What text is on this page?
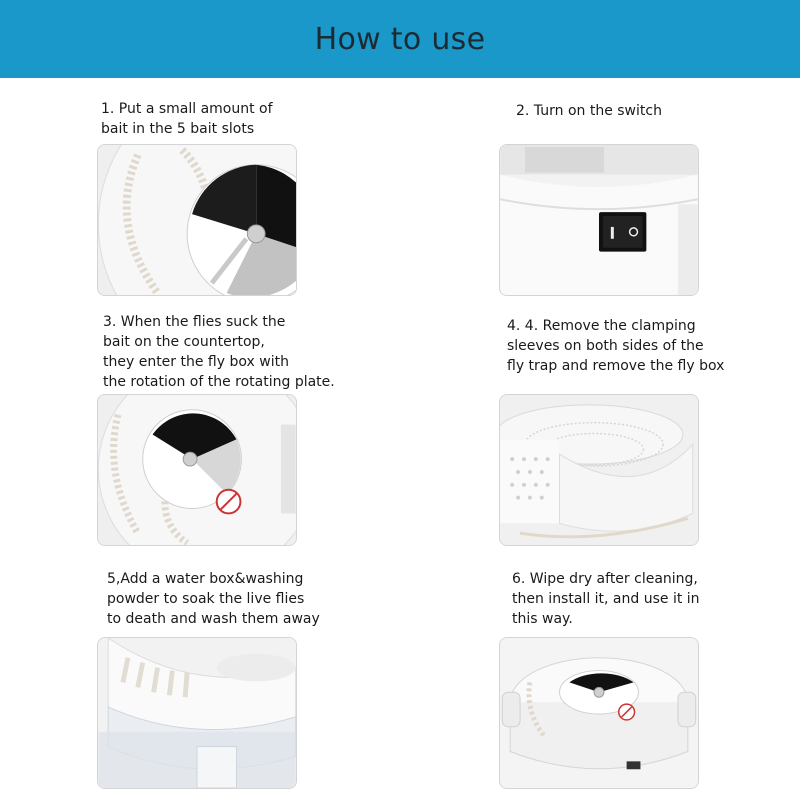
How to use

1. Put a small amount of
bait in the 5 bait slots

2. Turn on the switch

3. When the flies suck the
bait on the countertop,
they enter the fly box with
the rotation of the rotating plate.

4. 4. Remove the clamping
sleeves on both sides of the
fly trap and remove the fly box

5,Add a water box&washing
powder to soak the live flies
to death and wash them away

6. Wipe dry after cleaning,
then install it, and use it in
this way.
